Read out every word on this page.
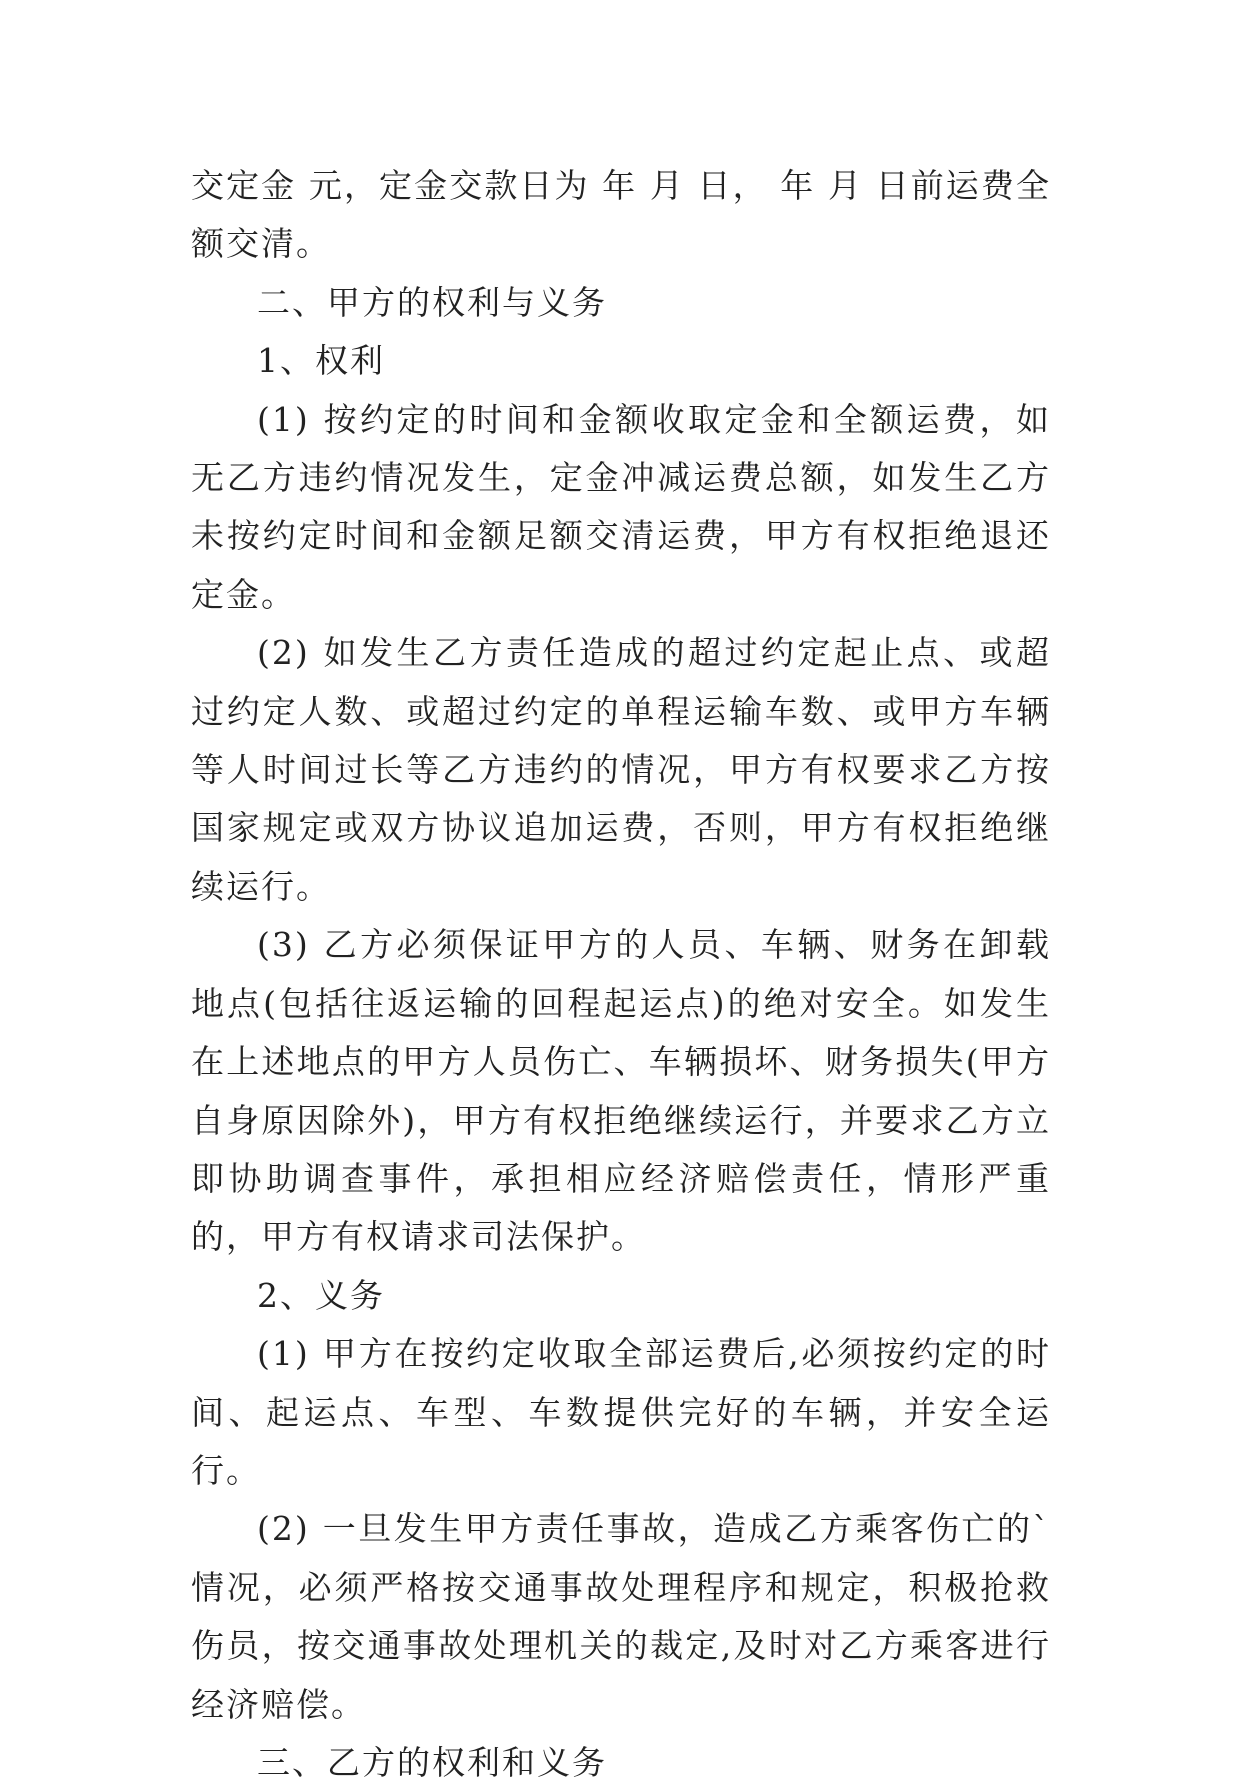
交定金 元，定金交款日为 年 月 日， 年 月 日前运费全额交清。

二、甲方的权利与义务

1、权利

(1) 按约定的时间和金额收取定金和全额运费，如无乙方违约情况发生，定金冲减运费总额，如发生乙方未按约定时间和金额足额交清运费，甲方有权拒绝退还定金。

(2) 如发生乙方责任造成的超过约定起止点、或超过约定人数、或超过约定的单程运输车数、或甲方车辆等人时间过长等乙方违约的情况，甲方有权要求乙方按国家规定或双方协议追加运费，否则，甲方有权拒绝继续运行。

(3) 乙方必须保证甲方的人员、车辆、财务在卸载地点(包括往返运输的回程起运点)的绝对安全。如发生在上述地点的甲方人员伤亡、车辆损坏、财务损失(甲方自身原因除外)，甲方有权拒绝继续运行，并要求乙方立即协助调查事件，承担相应经济赔偿责任，情形严重的，甲方有权请求司法保护。

2、义务

(1) 甲方在按约定收取全部运费后,必须按约定的时间、起运点、车型、车数提供完好的车辆，并安全运行。

(2) 一旦发生甲方责任事故，造成乙方乘客伤亡的`情况，必须严格按交通事故处理程序和规定，积极抢救伤员，按交通事故处理机关的裁定,及时对乙方乘客进行经济赔偿。

三、乙方的权利和义务
